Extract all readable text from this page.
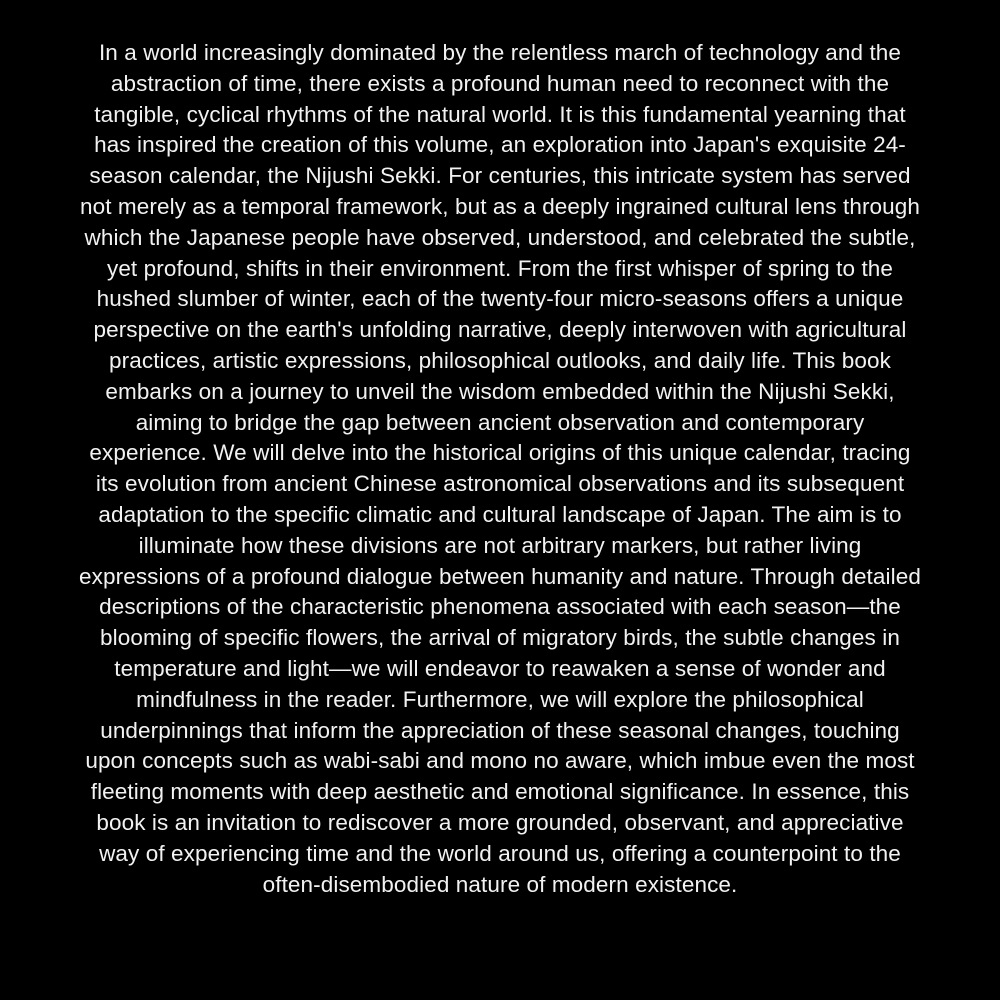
In a world increasingly dominated by the relentless march of technology and the abstraction of time, there exists a profound human need to reconnect with the tangible, cyclical rhythms of the natural world. It is this fundamental yearning that has inspired the creation of this volume, an exploration into Japan's exquisite 24-season calendar, the Nijushi Sekki. For centuries, this intricate system has served not merely as a temporal framework, but as a deeply ingrained cultural lens through which the Japanese people have observed, understood, and celebrated the subtle, yet profound, shifts in their environment. From the first whisper of spring to the hushed slumber of winter, each of the twenty-four micro-seasons offers a unique perspective on the earth's unfolding narrative, deeply interwoven with agricultural practices, artistic expressions, philosophical outlooks, and daily life. This book embarks on a journey to unveil the wisdom embedded within the Nijushi Sekki, aiming to bridge the gap between ancient observation and contemporary experience. We will delve into the historical origins of this unique calendar, tracing its evolution from ancient Chinese astronomical observations and its subsequent adaptation to the specific climatic and cultural landscape of Japan. The aim is to illuminate how these divisions are not arbitrary markers, but rather living expressions of a profound dialogue between humanity and nature. Through detailed descriptions of the characteristic phenomena associated with each season—the blooming of specific flowers, the arrival of migratory birds, the subtle changes in temperature and light—we will endeavor to reawaken a sense of wonder and mindfulness in the reader. Furthermore, we will explore the philosophical underpinnings that inform the appreciation of these seasonal changes, touching upon concepts such as wabi-sabi and mono no aware, which imbue even the most fleeting moments with deep aesthetic and emotional significance. In essence, this book is an invitation to rediscover a more grounded, observant, and appreciative way of experiencing time and the world around us, offering a counterpoint to the often-disembodied nature of modern existence.
